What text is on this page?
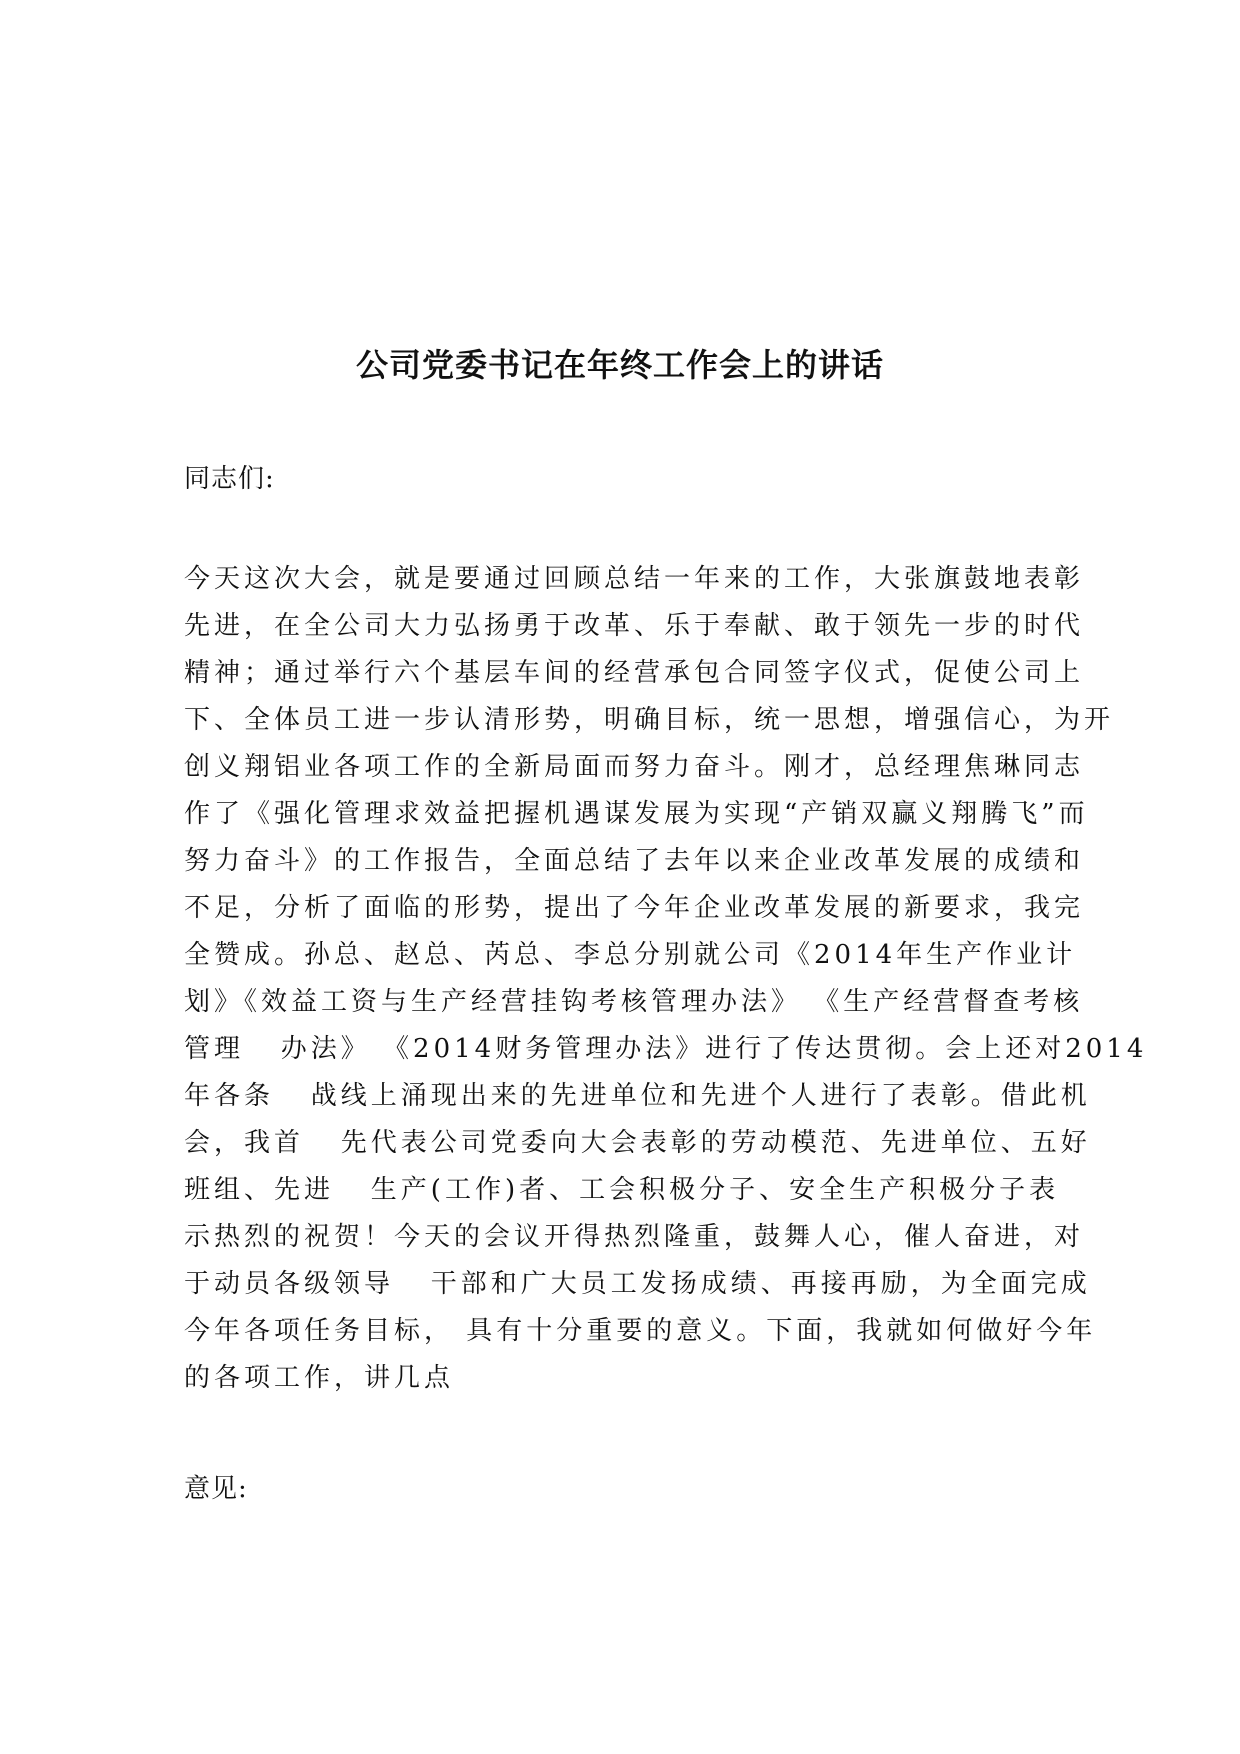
公司党委书记在年终工作会上的讲话
同志们:
今天这次大会，就是要通过回顾总结一年来的工作，大张旗鼓地表彰
先进，在全公司大力弘扬勇于改革、乐于奉献、敢于领先一步的时代
精神；通过举行六个基层车间的经营承包合同签字仪式，促使公司上
下、全体员工进一步认清形势，明确目标，统一思想，增强信心，为开
创义翔铝业各项工作的全新局面而努力奋斗。刚才，总经理焦琳同志
作了《强化管理求效益把握机遇谋发展为实现“产销双赢义翔腾飞”而
努力奋斗》的工作报告，全面总结了去年以来企业改革发展的成绩和
不足，分析了面临的形势，提出了今年企业改革发展的新要求，我完
全赞成。孙总、赵总、芮总、李总分别就公司《2014年生产作业计
划》《效益工资与生产经营挂钩考核管理办法》 《生产经营督查考核
管理   办法》 《2014财务管理办法》进行了传达贯彻。会上还对2014
年各条   战线上涌现出来的先进单位和先进个人进行了表彰。借此机
会，我首   先代表公司党委向大会表彰的劳动模范、先进单位、五好
班组、先进   生产(工作)者、工会积极分子、安全生产积极分子表
示热烈的祝贺！今天的会议开得热烈隆重，鼓舞人心，催人奋进，对
于动员各级领导   干部和广大员工发扬成绩、再接再励，为全面完成
今年各项任务目标， 具有十分重要的意义。下面，我就如何做好今年
的各项工作，讲几点
意见:
